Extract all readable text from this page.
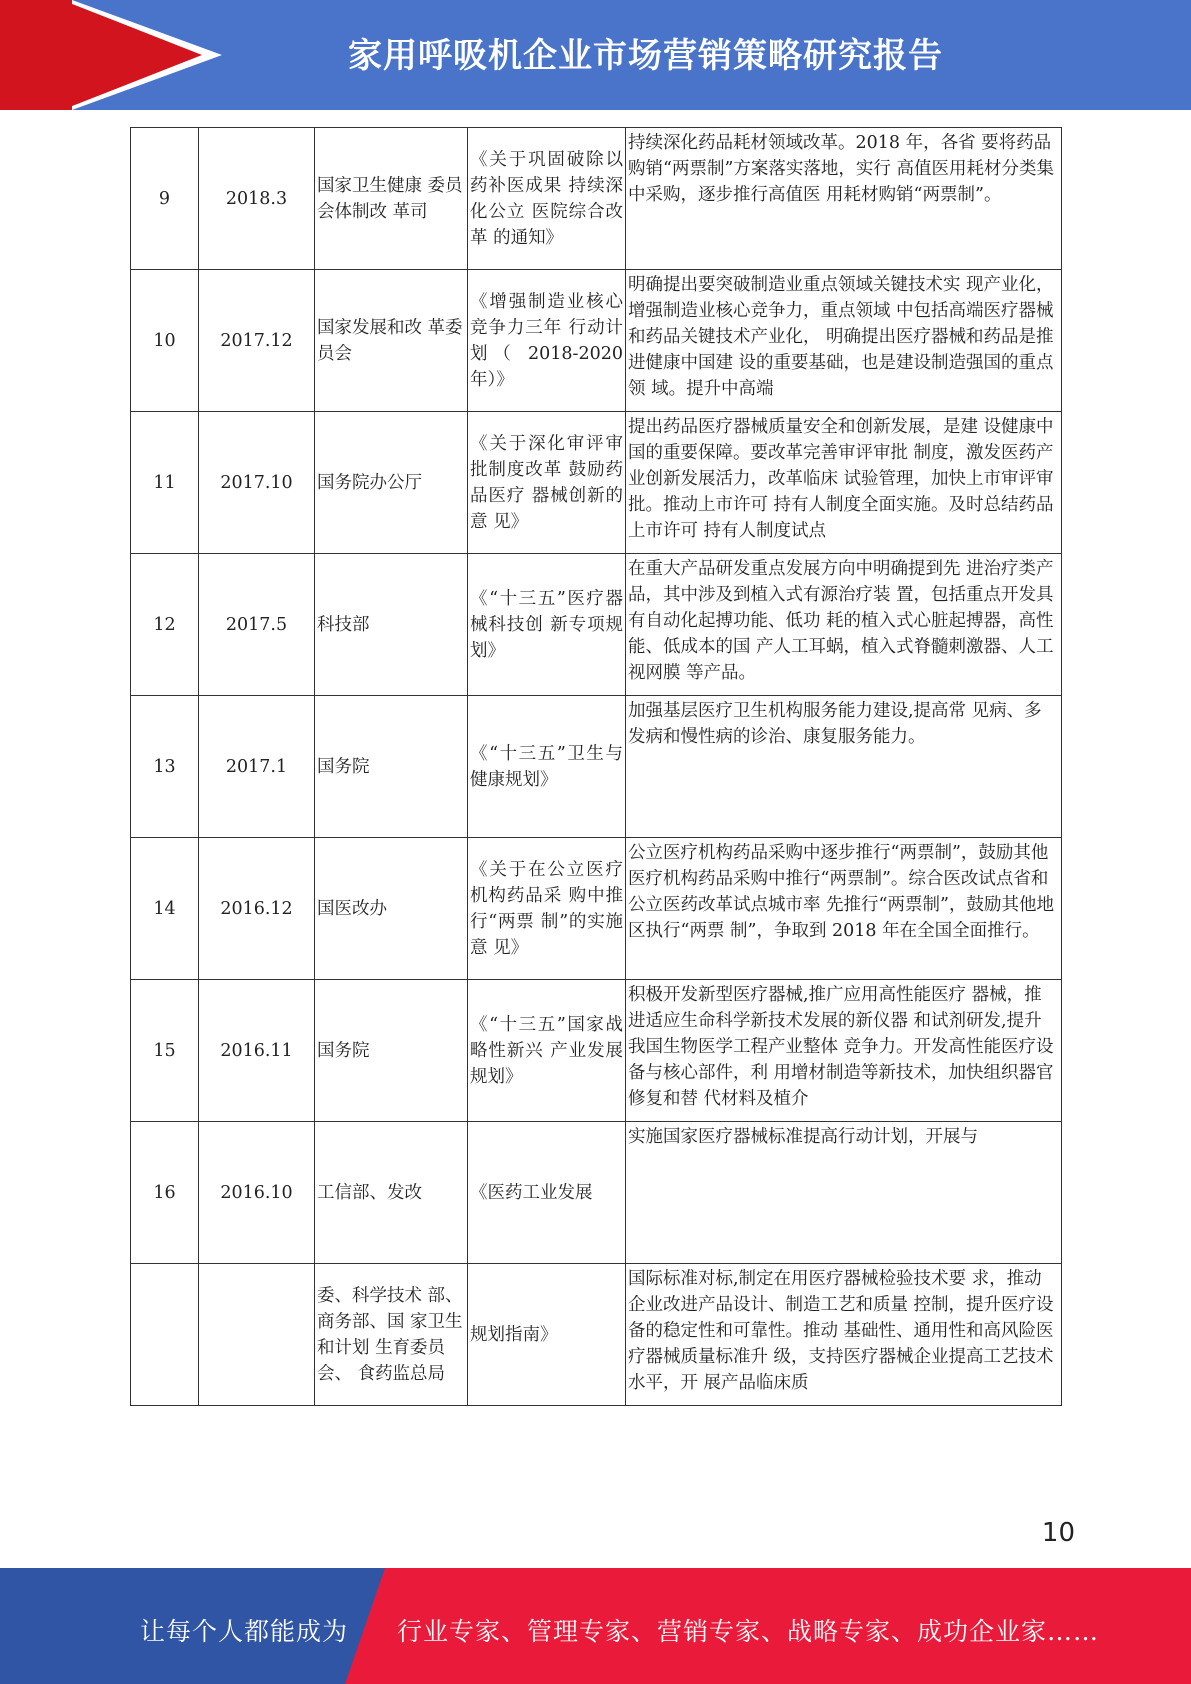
家用呼吸机企业市场营销策略研究报告
9	2018.3	国家卫生健康 委员会体制改 革司	《关于巩固破除以药补医成果 持续深化公立 医院综合改革 的通知》	持续深化药品耗材领域改革。2018 年，各省 要将药品购销“两票制”方案落实落地，实行 高值医用耗材分类集中采购，逐步推行高值医 用耗材购销“两票制”。

10	2017.12	国家发展和改 革委员会	《增强制造业核心竞争力三年 行动计划（ 2018-2020年）》	明确提出要突破制造业重点领域关键技术实 现产业化，增强制造业核心竞争力，重点领域 中包括高端医疗器械和药品关键技术产业化， 明确提出医疗器械和药品是推进健康中国建 设的重要基础，也是建设制造强国的重点领 域。提升中高端

11	2017.10	国务院办公厅	《关于深化审评审批制度改革 鼓励药品医疗 器械创新的意 见》	提出药品医疗器械质量安全和创新发展，是建 设健康中国的重要保障。要改革完善审评审批 制度，激发医药产业创新发展活力，改革临床 试验管理，加快上市审评审批。推动上市许可 持有人制度全面实施。及时总结药品上市许可 持有人制度试点

12	2017.5	科技部	《“十三五”医疗器械科技创 新专项规划》	在重大产品研发重点发展方向中明确提到先 进治疗类产品，其中涉及到植入式有源治疗装 置，包括重点开发具有自动化起搏功能、低功 耗的植入式心脏起搏器，高性能、低成本的国 产人工耳蜗，植入式脊髓刺激器、人工视网膜 等产品。

13	2017.1	国务院	《“十三五”卫生与健康规划》	加强基层医疗卫生机构服务能力建设,提高常 见病、多发病和慢性病的诊治、康复服务能力。

14	2016.12	国医改办	《关于在公立医疗机构药品采 购中推行“两票 制”的实施意 见》	公立医疗机构药品采购中逐步推行“两票制”，鼓励其他医疗机构药品采购中推行“两票制”。综合医改试点省和公立医药改革试点城市率 先推行“两票制”，鼓励其他地区执行“两票 制”，争取到 2018 年在全国全面推行。

15	2016.11	国务院	《“十三五”国家战略性新兴 产业发展规划》	积极开发新型医疗器械,推广应用高性能医疗 器械，推进适应生命科学新技术发展的新仪器 和试剂研发,提升我国生物医学工程产业整体 竞争力。开发高性能医疗设备与核心部件，利 用增材制造等新技术，加快组织器官修复和替 代材料及植介

16	2016.10	工信部、发改	《医药工业发展	实施国家医疗器械标准提高行动计划，开展与

		委、科学技术 部、商务部、国 家卫生和计划 生育委员会、 食药监总局	规划指南》	国际标准对标,制定在用医疗器械检验技术要 求，推动企业改进产品设计、制造工艺和质量 控制，提升医疗设备的稳定性和可靠性。推动 基础性、通用性和高风险医疗器械质量标准升 级，支持医疗器械企业提高工艺技术水平，开 展产品临床质
10
让每个人都能成为 行业专家、管理专家、营销专家、战略专家、成功企业家……
